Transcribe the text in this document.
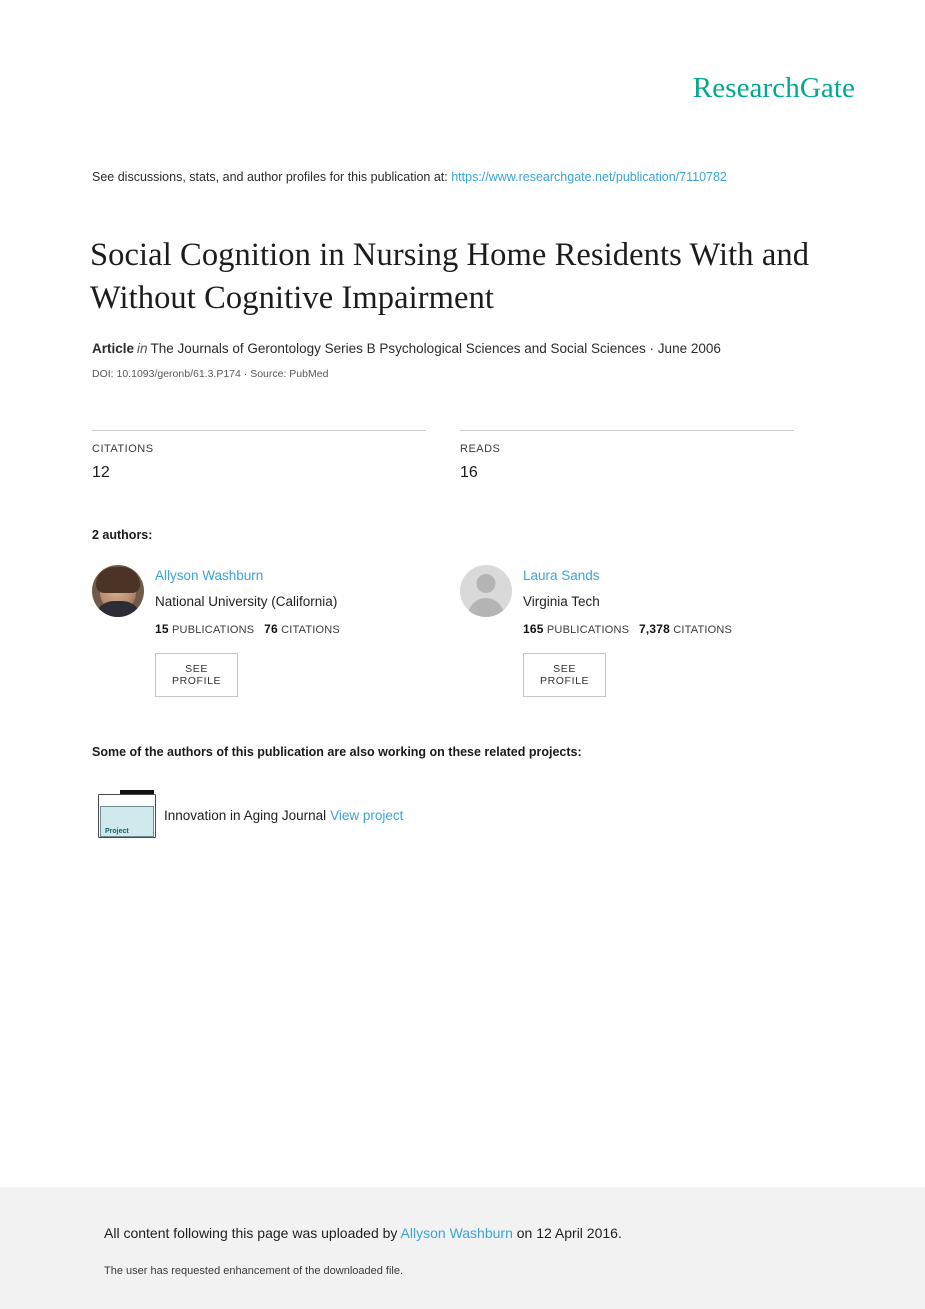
ResearchGate
See discussions, stats, and author profiles for this publication at: https://www.researchgate.net/publication/7110782
Social Cognition in Nursing Home Residents With and Without Cognitive Impairment
Article in The Journals of Gerontology Series B Psychological Sciences and Social Sciences · June 2006
DOI: 10.1093/geronb/61.3.P174 · Source: PubMed
CITATIONS
12
READS
16
2 authors:
Allyson Washburn
National University (California)
15 PUBLICATIONS 76 CITATIONS
SEE PROFILE
Laura Sands
Virginia Tech
165 PUBLICATIONS 7,378 CITATIONS
SEE PROFILE
Some of the authors of this publication are also working on these related projects:
Project
Innovation in Aging Journal View project
All content following this page was uploaded by Allyson Washburn on 12 April 2016.
The user has requested enhancement of the downloaded file.
